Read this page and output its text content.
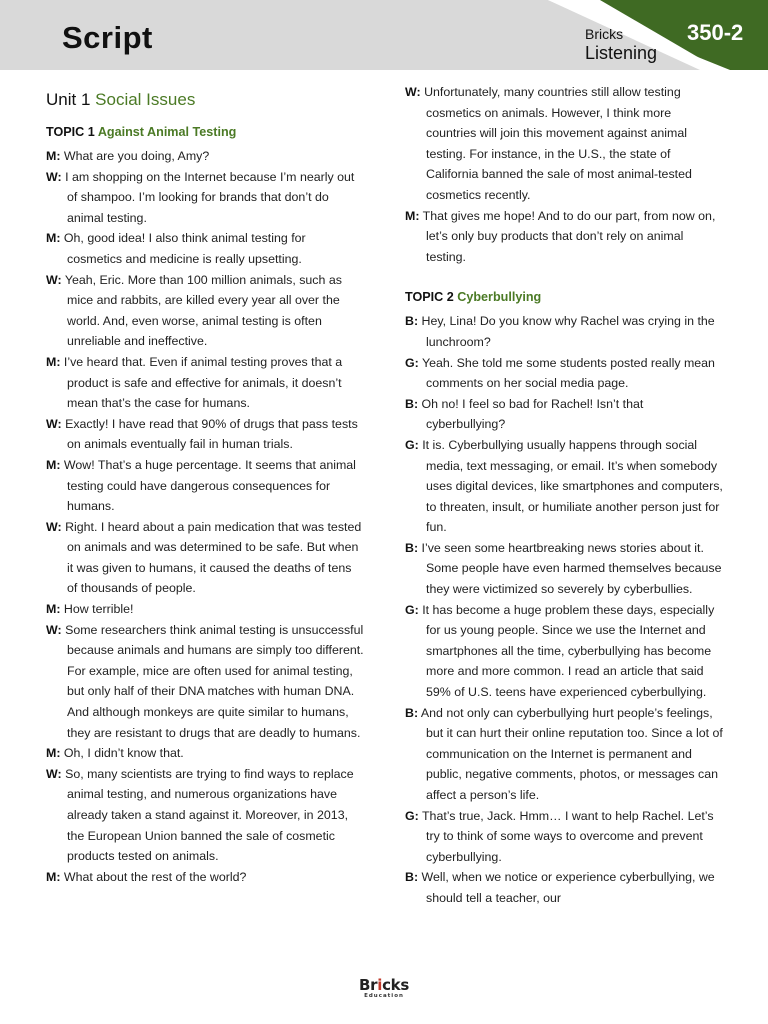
Script	Bricks
Listening
350-2
Unit 1 Social Issues
TOPIC 1 Against Animal Testing
M: What are you doing, Amy?
W: I am shopping on the Internet because I’m nearly out of shampoo. I’m looking for brands that don’t do animal testing.
M: Oh, good idea! I also think animal testing for cosmetics and medicine is really upsetting.
W: Yeah, Eric. More than 100 million animals, such as mice and rabbits, are killed every year all over the world. And, even worse, animal testing is often unreliable and ineffective.
M: I’ve heard that. Even if animal testing proves that a product is safe and effective for animals, it doesn’t mean that’s the case for humans.
W: Exactly! I have read that 90% of drugs that pass tests on animals eventually fail in human trials.
M: Wow! That’s a huge percentage. It seems that animal testing could have dangerous consequences for humans.
W: Right. I heard about a pain medication that was tested on animals and was determined to be safe. But when it was given to humans, it caused the deaths of tens of thousands of people.
M: How terrible!
W: Some researchers think animal testing is unsuccessful because animals and humans are simply too different. For example, mice are often used for animal testing, but only half of their DNA matches with human DNA. And although monkeys are quite similar to humans, they are resistant to drugs that are deadly to humans.
M: Oh, I didn’t know that.
W: So, many scientists are trying to find ways to replace animal testing, and numerous organizations have already taken a stand against it. Moreover, in 2013, the European Union banned the sale of cosmetic products tested on animals.
M: What about the rest of the world?
W: Unfortunately, many countries still allow testing cosmetics on animals. However, I think more countries will join this movement against animal testing. For instance, in the U.S., the state of California banned the sale of most animal-tested cosmetics recently.
M: That gives me hope! And to do our part, from now on, let’s only buy products that don’t rely on animal testing.
TOPIC 2 Cyberbullying
B: Hey, Lina! Do you know why Rachel was crying in the lunchroom?
G: Yeah. She told me some students posted really mean comments on her social media page.
B: Oh no! I feel so bad for Rachel! Isn’t that cyberbullying?
G: It is. Cyberbullying usually happens through social media, text messaging, or email. It’s when somebody uses digital devices, like smartphones and computers, to threaten, insult, or humiliate another person just for fun.
B: I’ve seen some heartbreaking news stories about it. Some people have even harmed themselves because they were victimized so severely by cyberbullies.
G: It has become a huge problem these days, especially for us young people. Since we use the Internet and smartphones all the time, cyberbullying has become more and more common. I read an article that said 59% of U.S. teens have experienced cyberbullying.
B: And not only can cyberbullying hurt people’s feelings, but it can hurt their online reputation too. Since a lot of communication on the Internet is permanent and public, negative comments, photos, or messages can affect a person’s life.
G: That’s true, Jack. Hmm… I want to help Rachel. Let’s try to think of some ways to overcome and prevent cyberbullying.
B: Well, when we notice or experience cyberbullying, we should tell a teacher, our
Bricks
Education
